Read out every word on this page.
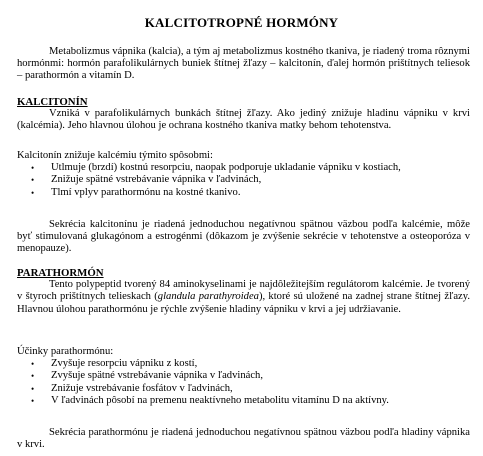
KALCITOTROPNÉ HORMÓNY

Metabolizmus vápnika (kalcia), a tým aj metabolizmus kostného tkaniva, je riadený troma rôznymi hormónmi: hormón parafolikulárnych buniek štítnej žľazy – kalcitonín, ďalej hormón prištítnych teliesok – parathormón a vitamín D.

KALCITONÍN

Vzniká v parafolikulárnych bunkách štítnej žľazy. Ako jediný znižuje hladinu vápniku v krvi (kalcémia). Jeho hlavnou úlohou je ochrana kostného tkaniva matky behom tehotenstva.

Kalcitonín znižuje kalcémiu týmito spôsobmi:

• Utlmuje (brzdí) kostnú resorpciu, naopak podporuje ukladanie vápniku v kostiach,
• Znižuje spätné vstrebávanie vápnika v ľadvinách,
• Tlmí vplyv parathormónu na kostné tkanivo.

Sekrécia kalcitonínu je riadená jednoduchou negatívnou spätnou väzbou podľa kalcémie, môže byť stimulovaná glukagónom a estrogénmi (dôkazom je zvýšenie sekrécie v tehotenstve a osteoporóza v menopauze).

PARATHORMÓN

Tento polypeptid tvorený 84 aminokyselinami je najdôležitejším regulátorom kalcémie. Je tvorený v štyroch prištítnych telieskach (glandula parathyroidea), ktoré sú uložené na zadnej strane štítnej žľazy. Hlavnou úlohou parathormónu je rýchle zvýšenie hladiny vápniku v krvi a jej udržiavanie.

Účinky parathormónu:

• Zvyšuje resorpciu vápniku z kostí,
• Zvyšuje spätné vstrebávanie vápnika v ľadvinách,
• Znižuje vstrebávanie fosfátov v ľadvinách,
• V ľadvinách pôsobí na premenu neaktívneho metabolitu vitamínu D na aktívny.

Sekrécia parathormónu je riadená jednoduchou negatívnou spätnou väzbou podľa hladiny vápnika v krvi.
